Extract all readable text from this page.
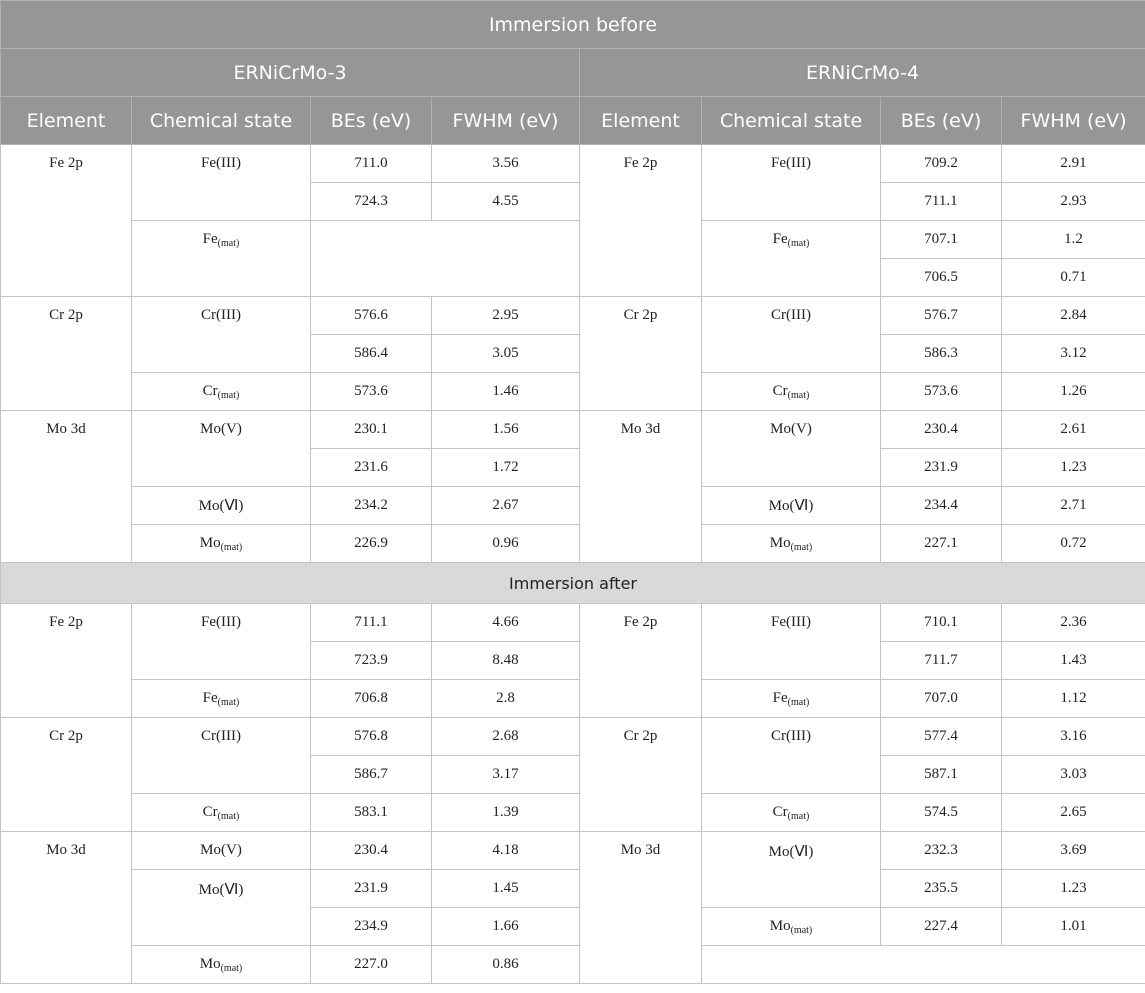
Immersion before							
ERNiCrMo-3				ERNiCrMo-4			
Element	Chemical state	BEs (eV)	FWHM (eV)	Element	Chemical state	BEs (eV)	FWHM (eV)
Fe 2p	Fe(III)	711.0	3.56	Fe 2p	Fe(III)	709.2	2.91
		724.3	4.55			711.1	2.93
	$Fe_{(mat)}$				$Fe_{(mat)}$	707.1	1.2
						706.5	0.71
Cr 2p	Cr(III)	576.6	2.95	Cr 2p	Cr(III)	576.7	2.84
		586.4	3.05			586.3	3.12
	$Cr_{(mat)}$	573.6	1.46		$Cr_{(mat)}$	573.6	1.26
Mo 3d	Mo(V)	230.1	1.56	Mo 3d	Mo(V)	230.4	2.61
		231.6	1.72			231.9	1.23
	Mo(Ⅵ)	234.2	2.67		Mo(Ⅵ)	234.4	2.71
	$Mo_{(mat)}$	226.9	0.96		$Mo_{(mat)}$	227.1	0.72
Immersion after							
Fe 2p	Fe(III)	711.1	4.66	Fe 2p	Fe(III)	710.1	2.36
		723.9	8.48			711.7	1.43
	$Fe_{(mat)}$	706.8	2.8		$Fe_{(mat)}$	707.0	1.12
Cr 2p	Cr(III)	576.8	2.68	Cr 2p	Cr(III)	577.4	3.16
		586.7	3.17			587.1	3.03
	$Cr_{(mat)}$	583.1	1.39		$Cr_{(mat)}$	574.5	2.65
Mo 3d	Mo(V)	230.4	4.18	Mo 3d	Mo(Ⅵ)	232.3	3.69
	Mo(Ⅵ)	231.9	1.45			235.5	1.23
		234.9	1.66		$Mo_{(mat)}$	227.4	1.01
	$Mo_{(mat)}$	227.0	0.86				
